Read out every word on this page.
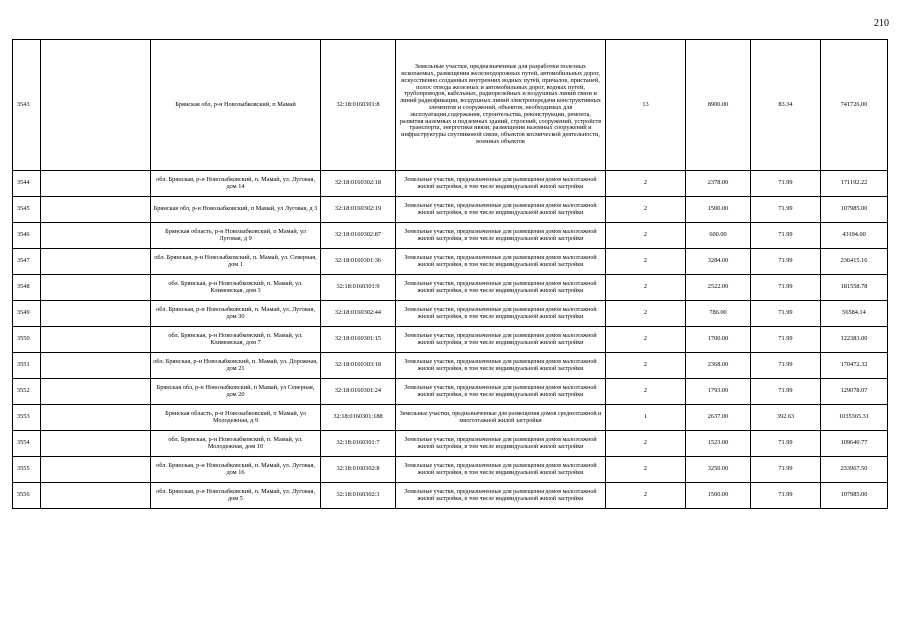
210
3543		Брянская обл, р-н Новозыбковский, п Мамай	32:18:0160301:8	Земельные участки, предназначенные для разработки полезных ископаемых, размещения железнодорожных путей, автомобильных дорог, искусственно созданных внутренних водных путей, причалов, пристаней, полос отвода железных и автомобильных дорог, водных путей, трубопроводов, кабельных, радиорелейных и воздушных линий связи и линий радиофикации, воздушных линий электропередачи конструктивных элементов и сооружений, объектов, необходимых для эксплуатации,содержания, строительства, реконструкции, ремонта, развития наземных и подземных зданий, строений, сооружений, устройств транспорта, энергетики ивязи; размещения наземных сооружений и инфраструктуры спутниковой связи, объектов космической деятельности, военных объектов	13	8900.00	83.34	741726.00
3544		обл. Брянская, р-н Новозыбковский, п. Мамай, ул. Луговая, дом 14	32:18:0160302:18	Земельные участки, предназначенные для размещения домов малоэтажной жилой застройки, в том числе индивидуальной жилой застройки	2	2378.00	71.99	171192.22
3545		Брянская обл, р-н Новозыбковский, п Мамай, ул Луговая, д 3	32:18:0160302:19	Земельные участки, предназначенные для размещения домов малоэтажной жилой застройки, в том числе индивидуальной жилой застройки	2	1500.00	71.99	107985.00
3546		Брянская область, р-н Новозыбковский, п Мамай, ул Луговая, д 9	32:18:0160302:87	Земельные участки, предназначенные для размещения домов малоэтажной жилой застройки, в том числе индивидуальной жилой застройки	2	600.00	71.99	43194.00
3547		обл. Брянская, р-н Новозыбковский, п. Мамай, ул. Северная, дом 1	32:18:0160301:36	Земельные участки, предназначенные для размещения домов малоэтажной жилой застройки, в том числе индивидуальной жилой застройки	2	3284.00	71.99	236415.16
3548		обл. Брянская, р-н Новозыбковский, п. Мамай, ул. Климовская, дом 3	32:18:0160301:9	Земельные участки, предназначенные для размещения домов малоэтажной жилой застройки, в том числе индивидуальной жилой застройки	2	2522.00	71.99	181558.78
3549		обл. Брянская, р-н Новозыбковский, п. Мамай, ул. Луговая, дом 30	32:18:0160302:44	Земельные участки, предназначенные для размещения домов малоэтажной жилой застройки, в том числе индивидуальной жилой застройки	2	786.00	71.99	56584.14
3550		обл. Брянская, р-н Новозыбковский, п. Мамай, ул. Климовская, дом 7	32:18:0160301:15	Земельные участки, предназначенные для размещения домов малоэтажной жилой застройки, в том числе индивидуальной жилой застройки	2	1700.00	71.99	122383.00
3551		обл. Брянская, р-н Новозыбковский, п. Мамай, ул. Дорожная, дом 21	32:18:0160303:18	Земельные участки, предназначенные для размещения домов малоэтажной жилой застройки, в том числе индивидуальной жилой застройки	2	2368.00	71.99	170472.32
3552		Брянская обл, р-н Новозыбковский, п Мамай, ул Северная, дом 20	32:18:0160301:24	Земельные участки, предназначенные для размещения домов малоэтажной жилой застройки, в том числе индивидуальной жилой застройки	2	1793.00	71.99	129078.07
3553		Брянская область, р-н Новозыбковский, п Мамай, ул Молодежная, д 9	32:18:0160301:188	Земельные участки, предназначенные для размещения домов среднеэтажной и многоэтажной жилой застройки	1	2637.00	392.63	1035365.31
3554		обл. Брянская, р-н Новозыбковский, п. Мамай, ул. Молодежная, дом 10	32:18:0160301:7	Земельные участки, предназначенные для размещения домов малоэтажной жилой застройки, в том числе индивидуальной жилой застройки	2	1523.00	71.99	109640.77
3555		обл. Брянская, р-н Новозыбковский, п. Мамай, ул. Луговая, дом 16	32:18:0160302:8	Земельные участки, предназначенные для размещения домов малоэтажной жилой застройки, в том числе индивидуальной жилой застройки	2	3250.00	71.99	233967.50
3556		обл. Брянская, р-н Новозыбковский, п. Мамай, ул. Луговая, дом 5	32:18:0160302:3	Земельные участки, предназначенные для размещения домов малоэтажной жилой застройки, в том числе индивидуальной жилой застройки	2	1500.00	71.99	107985.00
